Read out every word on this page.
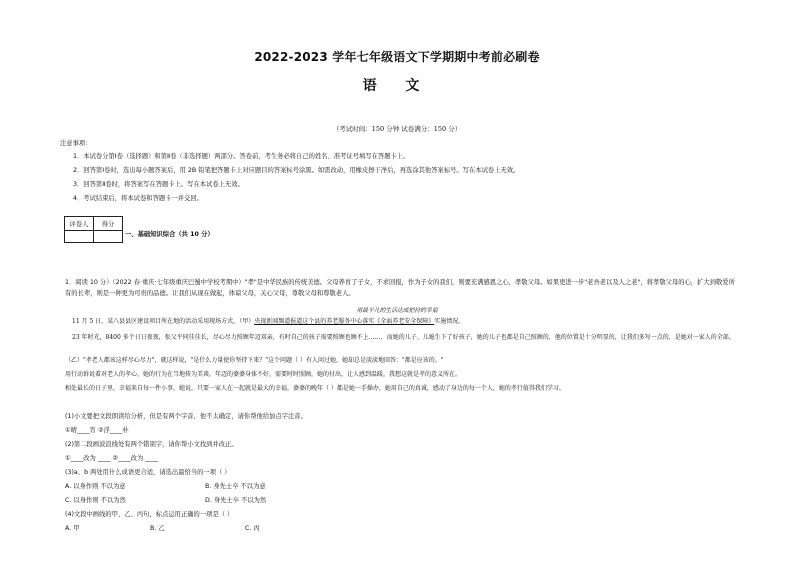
2022-2023 学年七年级语文下学期期中考前必刷卷
语 文
（考试时间：150 分钟 试卷满分：150 分）
注意事项：
1．本试卷分第Ⅰ卷（选择题）和第Ⅱ卷（非选择题）两部分。答卷前，考生务必将自己的姓名、准考证号填写在答题卡上。
2．回答第Ⅰ卷时，选出每小题答案后，用 2B 铅笔把答题卡上对应题目的答案标号涂黑。如需改动，用橡皮擦干净后，再选涂其他答案标号。写在本试卷上无效。
3．回答第Ⅱ卷时，将答案写在答题卡上。写在本试卷上无效。
4．考试结束后，将本试卷和答题卡一并交回。
评卷人	得分

一、基础知识综合（共 10 分）
1．阅读 10 分）（2022 春·重庆·七年级重庆巴蜀中学校考期中）"孝"是中华民族的传统美德。父母养育了子女，不求回报，作为子女的我们，则要充满感恩之心，孝敬父母。如果更进一步"老吾老以及人之老"，将孝敬父母的心，扩大到敬爱所有的长辈，则是一种更为可贵的品德。让我们从现在做起，体谅父母，关心父母，尊敬父母和尊敬老人。
用最平凡的生活达成把持的幸福
11 月 5 日，某八县县区建设项目所在地的活动采用现场方式，（甲）央视新闻频道报道这个县的养老服务中心落实《全面养老安全保障》实施情况。
23 年时光，8400 多个日日夜夜，张父平同佳佳长，尽心尽力照顾年迈双亲，有时自己的孩子需要照顾也顾不上……，而她的儿子、儿媳生下了好孩子，她的儿子也都是自己照顾的，他的位置是十分明显的，让我们多写一点的，是她对一家人的全部。
（乙）"孝老人都该这样尽心尽力"，就这样说，"是什么力量使你坚持下来？"这个问题（ ）有人问过她，她却总是淡淡地回答："都是应该的。"
用行动诉说着对老人的孝心，她的行为在当地传为美谈。年迈的婆婆身体不好，需要时时照顾，她的付出，让人感到温暖，我想这就是孝的意义所在。
相处最长的日子里，幸福来自每一件小事，她说，只要一家人在一起就是最大的幸福，婆婆的晚年（ ）都是她一手操办，她用自己的真诚，感动了身边的每一个人，她的孝行值得我们学习。
(1)小文要把文段朗读给分析，但是有两个字音，他不太确定，请你帮他给加点字注音。
①晴____宵 ②浮____朴
(2)第二段画波浪线处有两个错别字，请你帮小文找到并改正。
①____改为 ____ ②____改为 ____
(3)a、b 两处用什么成语更合适，请选出最恰当的一项（ ）
A. 以身作则 不以为意	B. 身先士卒 不以为意
C. 以身作则 不以为然	D. 身先士卒 不以为然
(4)文段中画线的甲、乙、丙句，标点运用正确的一项是（ ）
A. 甲	B. 乙	C. 丙
